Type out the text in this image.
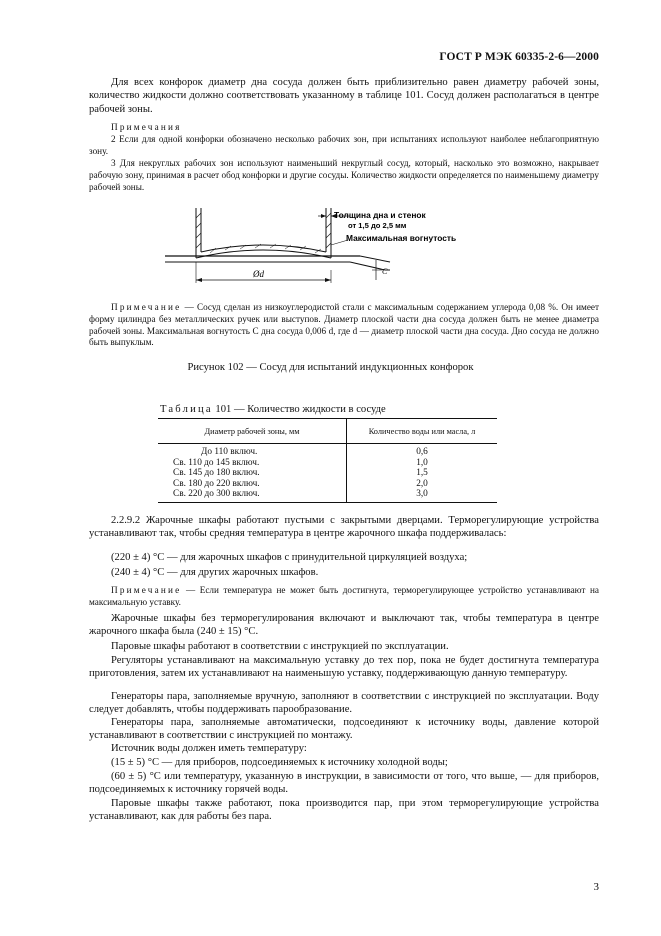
ГОСТ Р МЭК 60335-2-6—2000

Для всех конфорок диаметр дна сосуда должен быть приблизительно равен диаметру рабочей зоны, количество жидкости должно соответствовать указанному в таблице 101. Сосуд должен располагаться в центре рабочей зоны.

Примечания

2 Если для одной конфорки обозначено несколько рабочих зон, при испытаниях используют наиболее неблагоприятную зону.

3 Для некруглых рабочих зон используют наименьший некруглый сосуд, который, насколько это возможно, накрывает рабочую зону, принимая в расчет обод конфорки и другие сосуды. Количество жидкости определяется по наименьшему диаметру рабочей зоны.

Толщина дна и стенок
от 1,5 до 2,5 мм
Максимальная вогнутость
Ød	C

Примечание — Сосуд сделан из низкоуглеродистой стали с максимальным содержанием углерода 0,08 %. Он имеет форму цилиндра без металлических ручек или выступов. Диаметр плоской части дна сосуда должен быть не менее диаметра рабочей зоны. Максимальная вогнутость C дна сосуда 0,006 d, где d — диаметр плоской части дна сосуда. Дно сосуда не должно быть выпуклым.

Рисунок 102 — Сосуд для испытаний индукционных конфорок
Таблица 101 — Количество жидкости в сосуде
Диаметр рабочей зоны, мм	Количество воды или масла, л
До 110 включ.	0,6
Св. 110 до 145 включ.	1,0
Св. 145 до 180 включ.	1,5
Св. 180 до 220 включ.	2,0
Св. 220 до 300 включ.	3,0

2.2.9.2 Жарочные шкафы работают пустыми с закрытыми дверцами. Терморегулирующие устройства устанавливают так, чтобы средняя температура в центре жарочного шкафа поддерживалась:

(220 ± 4) °С — для жарочных шкафов с принудительной циркуляцией воздуха;

(240 ± 4) °С — для других жарочных шкафов.

Примечание — Если температура не может быть достигнута, терморегулирующее устройство устанавливают на максимальную уставку.

Жарочные шкафы без терморегулирования включают и выключают так, чтобы температура в центре жарочного шкафа была (240 ± 15) °С.

Паровые шкафы работают в соответствии с инструкцией по эксплуатации.

Регуляторы устанавливают на максимальную уставку до тех пор, пока не будет достигнута температура приготовления, затем их устанавливают на наименьшую уставку, поддерживающую данную температуру.

Генераторы пара, заполняемые вручную, заполняют в соответствии с инструкцией по эксплуатации. Воду следует добавлять, чтобы поддерживать парообразование.

Генераторы пара, заполняемые автоматически, подсоединяют к источнику воды, давление которой устанавливают в соответствии с инструкцией по монтажу.

Источник воды должен иметь температуру:

(15 ± 5) °С — для приборов, подсоединяемых к источнику холодной воды;

(60 ± 5) °С или температуру, указанную в инструкции, в зависимости от того, что выше, — для приборов, подсоединяемых к источнику горячей воды.

Паровые шкафы также работают, пока производится пар, при этом терморегулирующие устройства устанавливают, как для работы без пара.

3
